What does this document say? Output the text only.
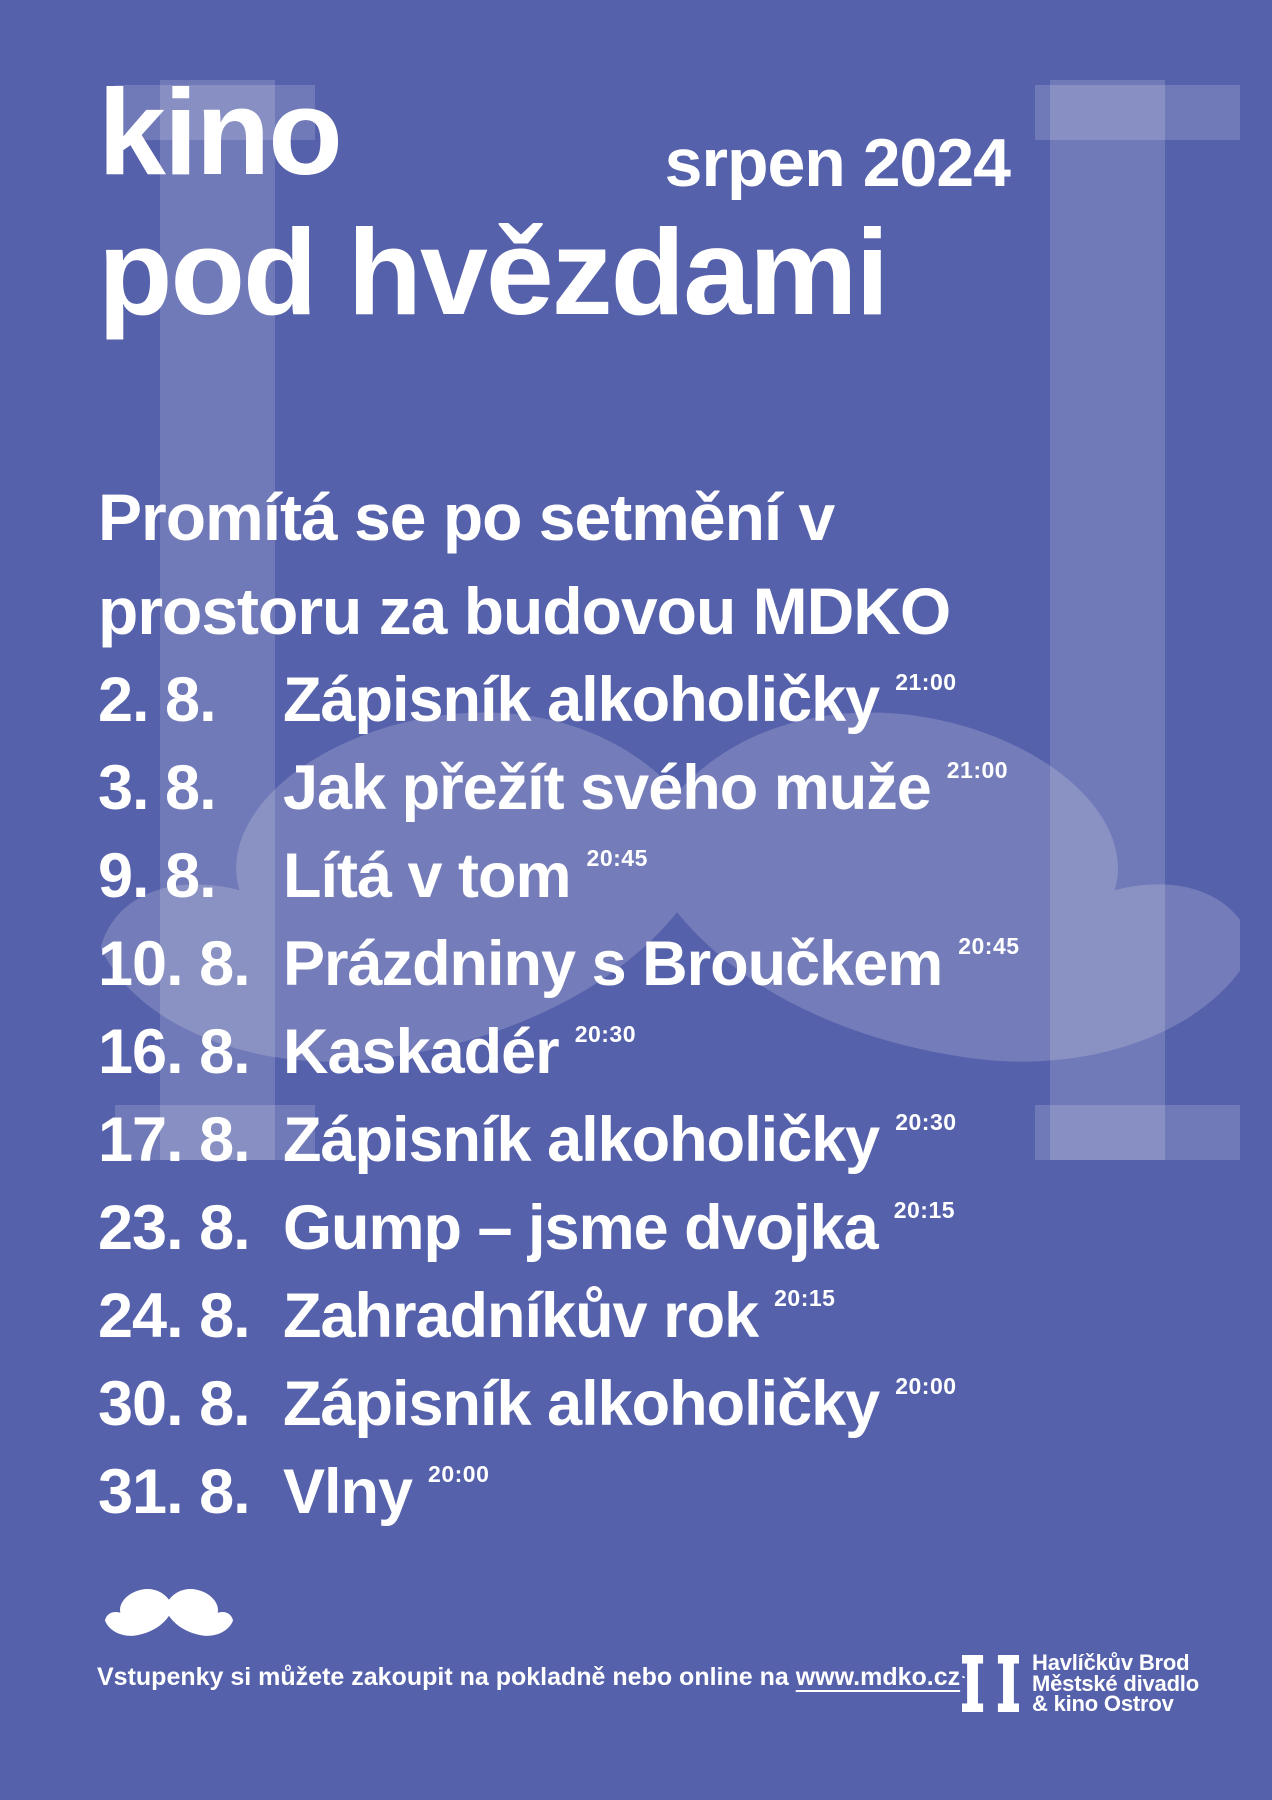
kino
pod hvězdami
srpen 2024
Promítá se po setmění v
prostoru za budovou MDKO
2. 8.	Zápisník alkoholičky 21:00
3. 8.	Jak přežít svého muže 21:00
9. 8.	Lítá v tom 20:45
10. 8. Prázdniny s Broučkem 20:45
16. 8. Kaskadér 20:30
17. 8. Zápisník alkoholičky 20:30
23. 8. Gump – jsme dvojka 20:15
24. 8. Zahradníkův rok 20:15
30. 8. Zápisník alkoholičky 20:00
31. 8. Vlny 20:00
Vstupenky si můžete zakoupit na pokladně nebo online na www.mdko.cz
Havlíčkův Brod
Městské divadlo
& kino Ostrov
